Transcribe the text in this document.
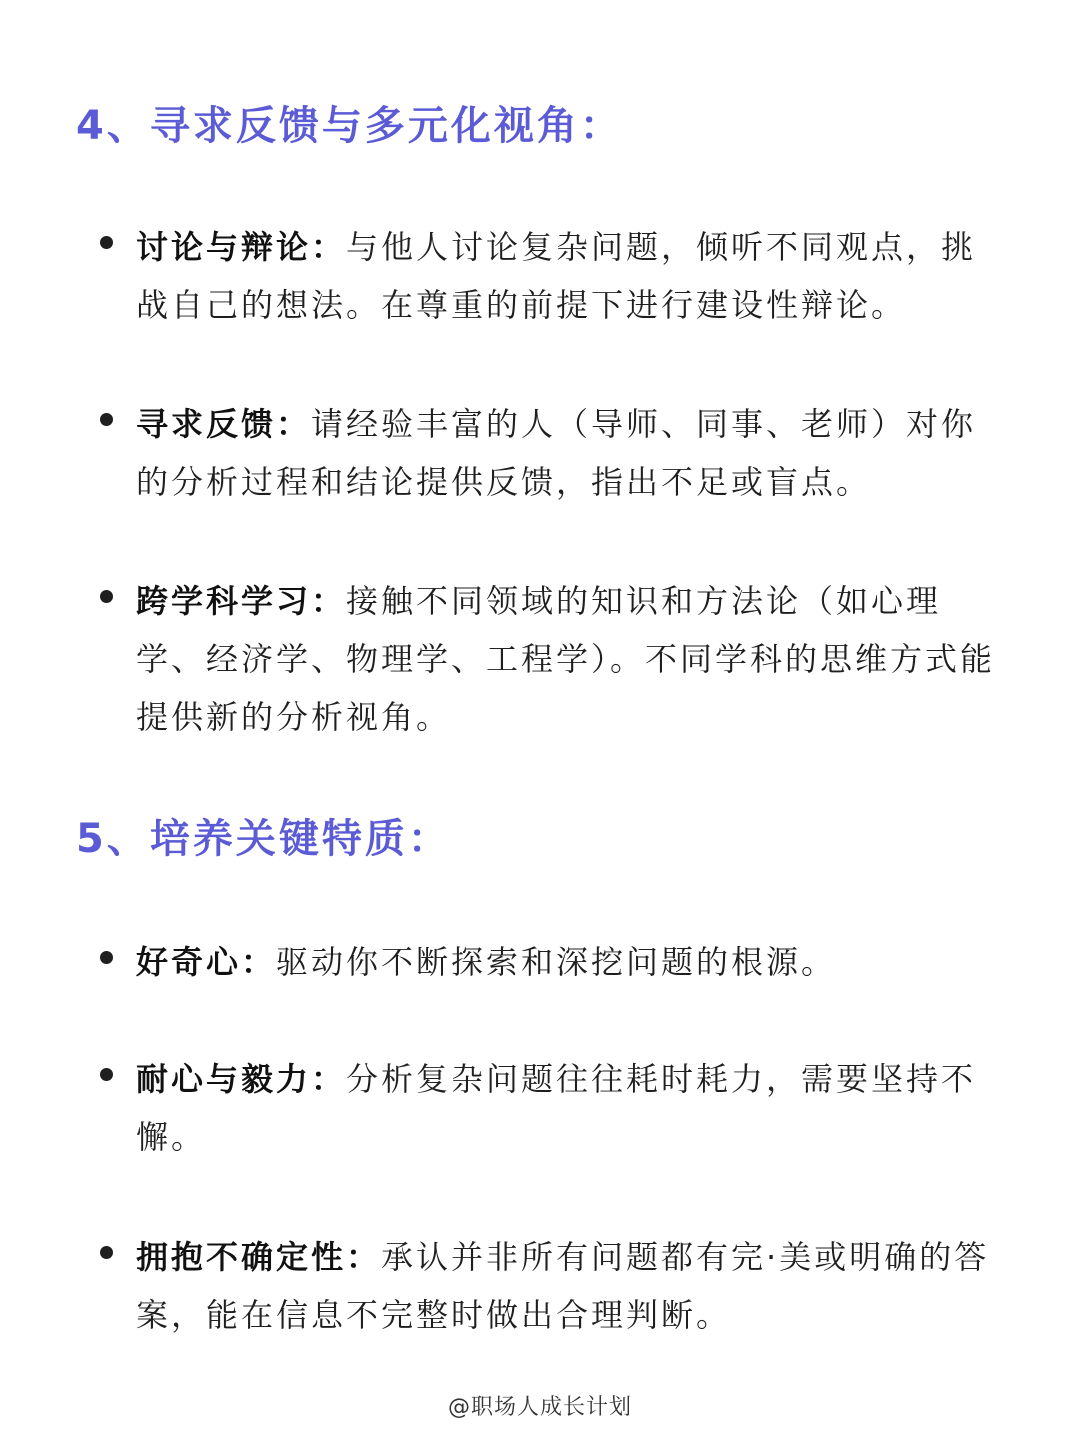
4、寻求反馈与多元化视角：
讨论与辩论：与他人讨论复杂问题，倾听不同观点，挑战自己的想法。在尊重的前提下进行建设性辩论。
寻求反馈：请经验丰富的人（导师、同事、老师）对你的分析过程和结论提供反馈，指出不足或盲点。
跨学科学习：接触不同领域的知识和方法论（如心理学、经济学、物理学、工程学）。不同学科的思维方式能提供新的分析视角。
5、培养关键特质：
好奇心：驱动你不断探索和深挖问题的根源。
耐心与毅力：分析复杂问题往往耗时耗力，需要坚持不懈。
拥抱不确定性：承认并非所有问题都有完·美或明确的答案，能在信息不完整时做出合理判断。
@职场人成长计划
